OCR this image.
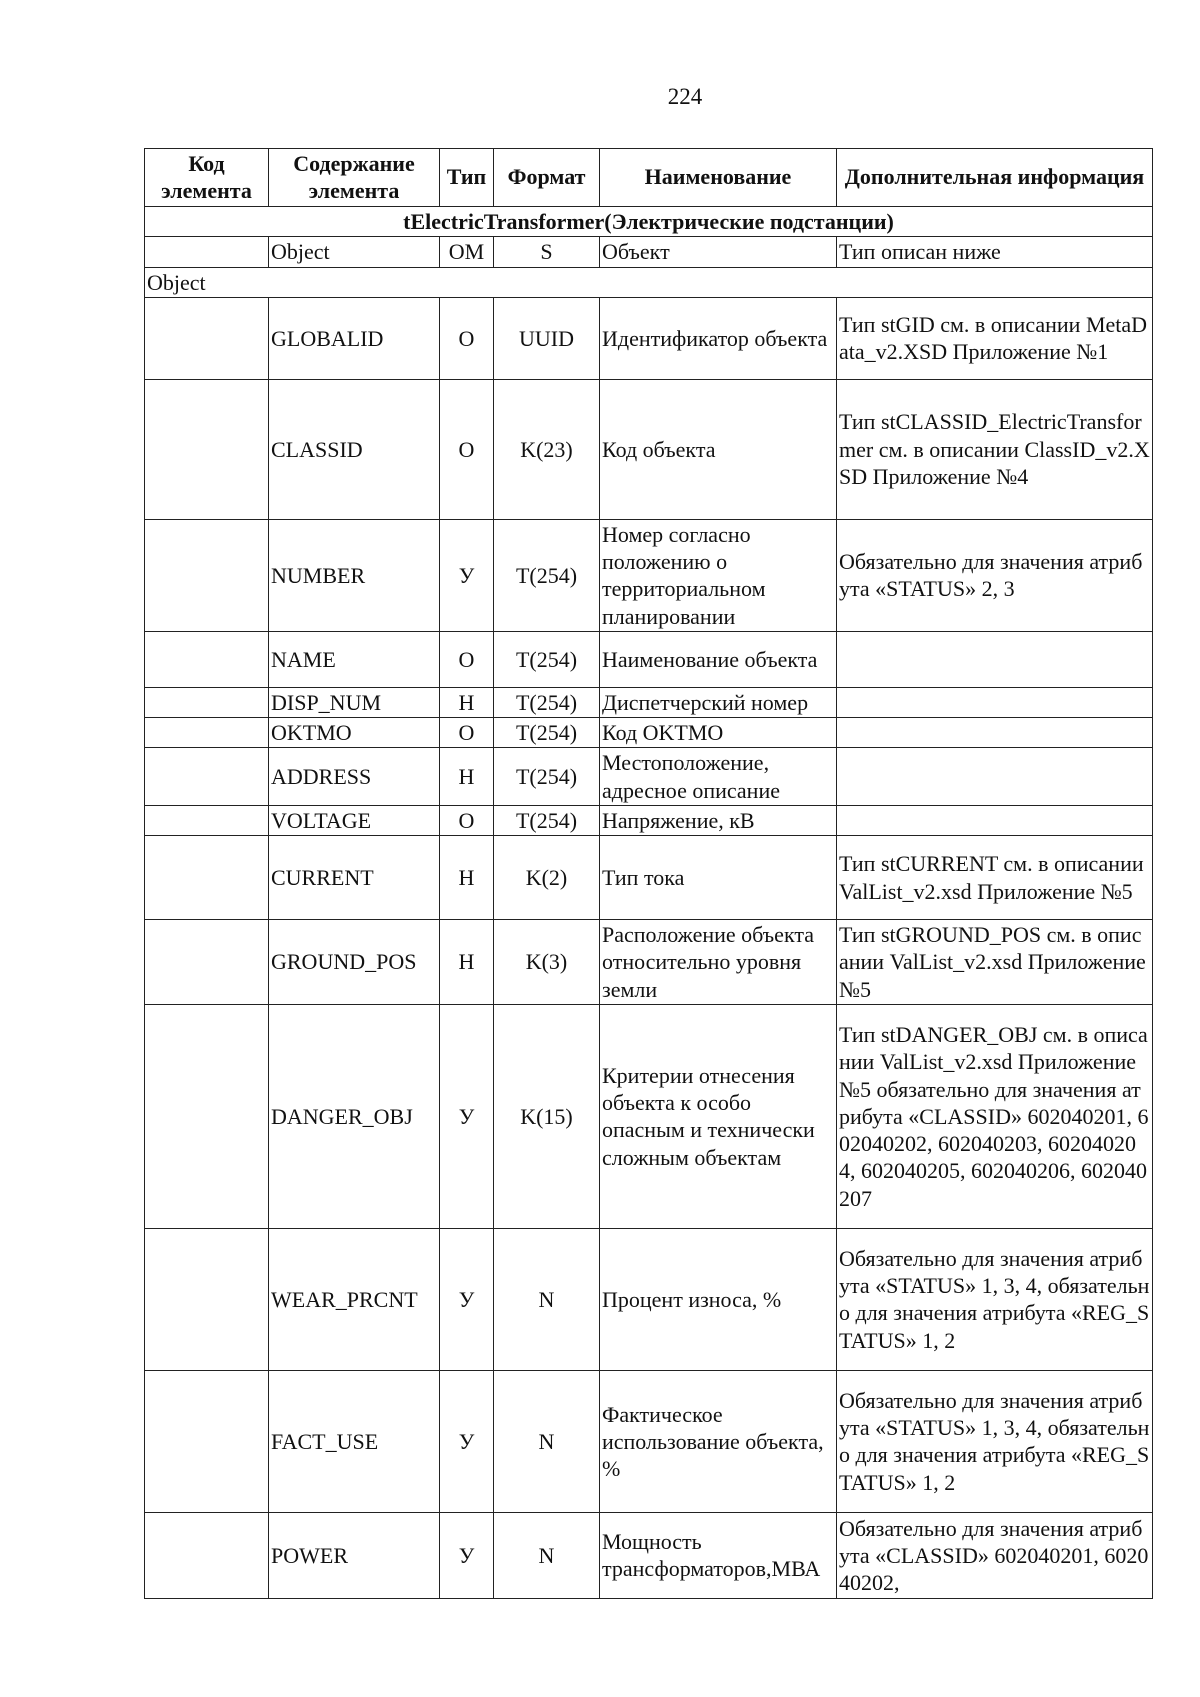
224
Код элемента	Содержание элемента	Тип	Формат	Наименование	Дополнительная информация
tElectricTransformer(Электрические подстанции)					
	Object	OM	S	Объект	Тип описан ниже
Object					
	GLOBALID	O	UUID	Идентификатор объекта	Тип stGID см. в описании MetaData_v2.XSD Приложение №1
	CLASSID	O	K(23)	Код объекта	Тип stCLASSID_ElectricTransformer см. в описании ClassID_v2.XSD Приложение №4
	NUMBER	У	T(254)	Номер согласно положению о территориальном планировании	Обязательно для значения атрибута «STATUS» 2, 3
	NAME	O	T(254)	Наименование объекта	
	DISP_NUM	H	T(254)	Диспетчерский номер	
	OKTMO	O	T(254)	Код OKTMO	
	ADDRESS	H	T(254)	Местоположение, адресное описание	
	VOLTAGE	O	T(254)	Напряжение, кВ	
	CURRENT	H	K(2)	Тип тока	Тип stCURRENT см. в описании ValList_v2.xsd Приложение №5
	GROUND_POS	H	K(3)	Расположение объекта относительно уровня земли	Тип stGROUND_POS см. в описании ValList_v2.xsd Приложение №5
	DANGER_OBJ	У	K(15)	Критерии отнесения объекта к особо опасным и технически сложным объектам	Тип stDANGER_OBJ см. в описании ValList_v2.xsd Приложение №5 обязательно для значения атрибута «CLASSID» 602040201, 602040202, 602040203, 602040204, 602040205, 602040206, 602040207
	WEAR_PRCNT	У	N	Процент износа, %	Обязательно для значения атрибута «STATUS» 1, 3, 4, обязательно для значения атрибута «REG_STATUS» 1, 2
	FACT_USE	У	N	Фактическое использование объекта, %	Обязательно для значения атрибута «STATUS» 1, 3, 4, обязательно для значения атрибута «REG_STATUS» 1, 2
	POWER	У	N	Мощность трансформаторов,МВА	Обязательно для значения атрибута «CLASSID» 602040201, 602040202,
